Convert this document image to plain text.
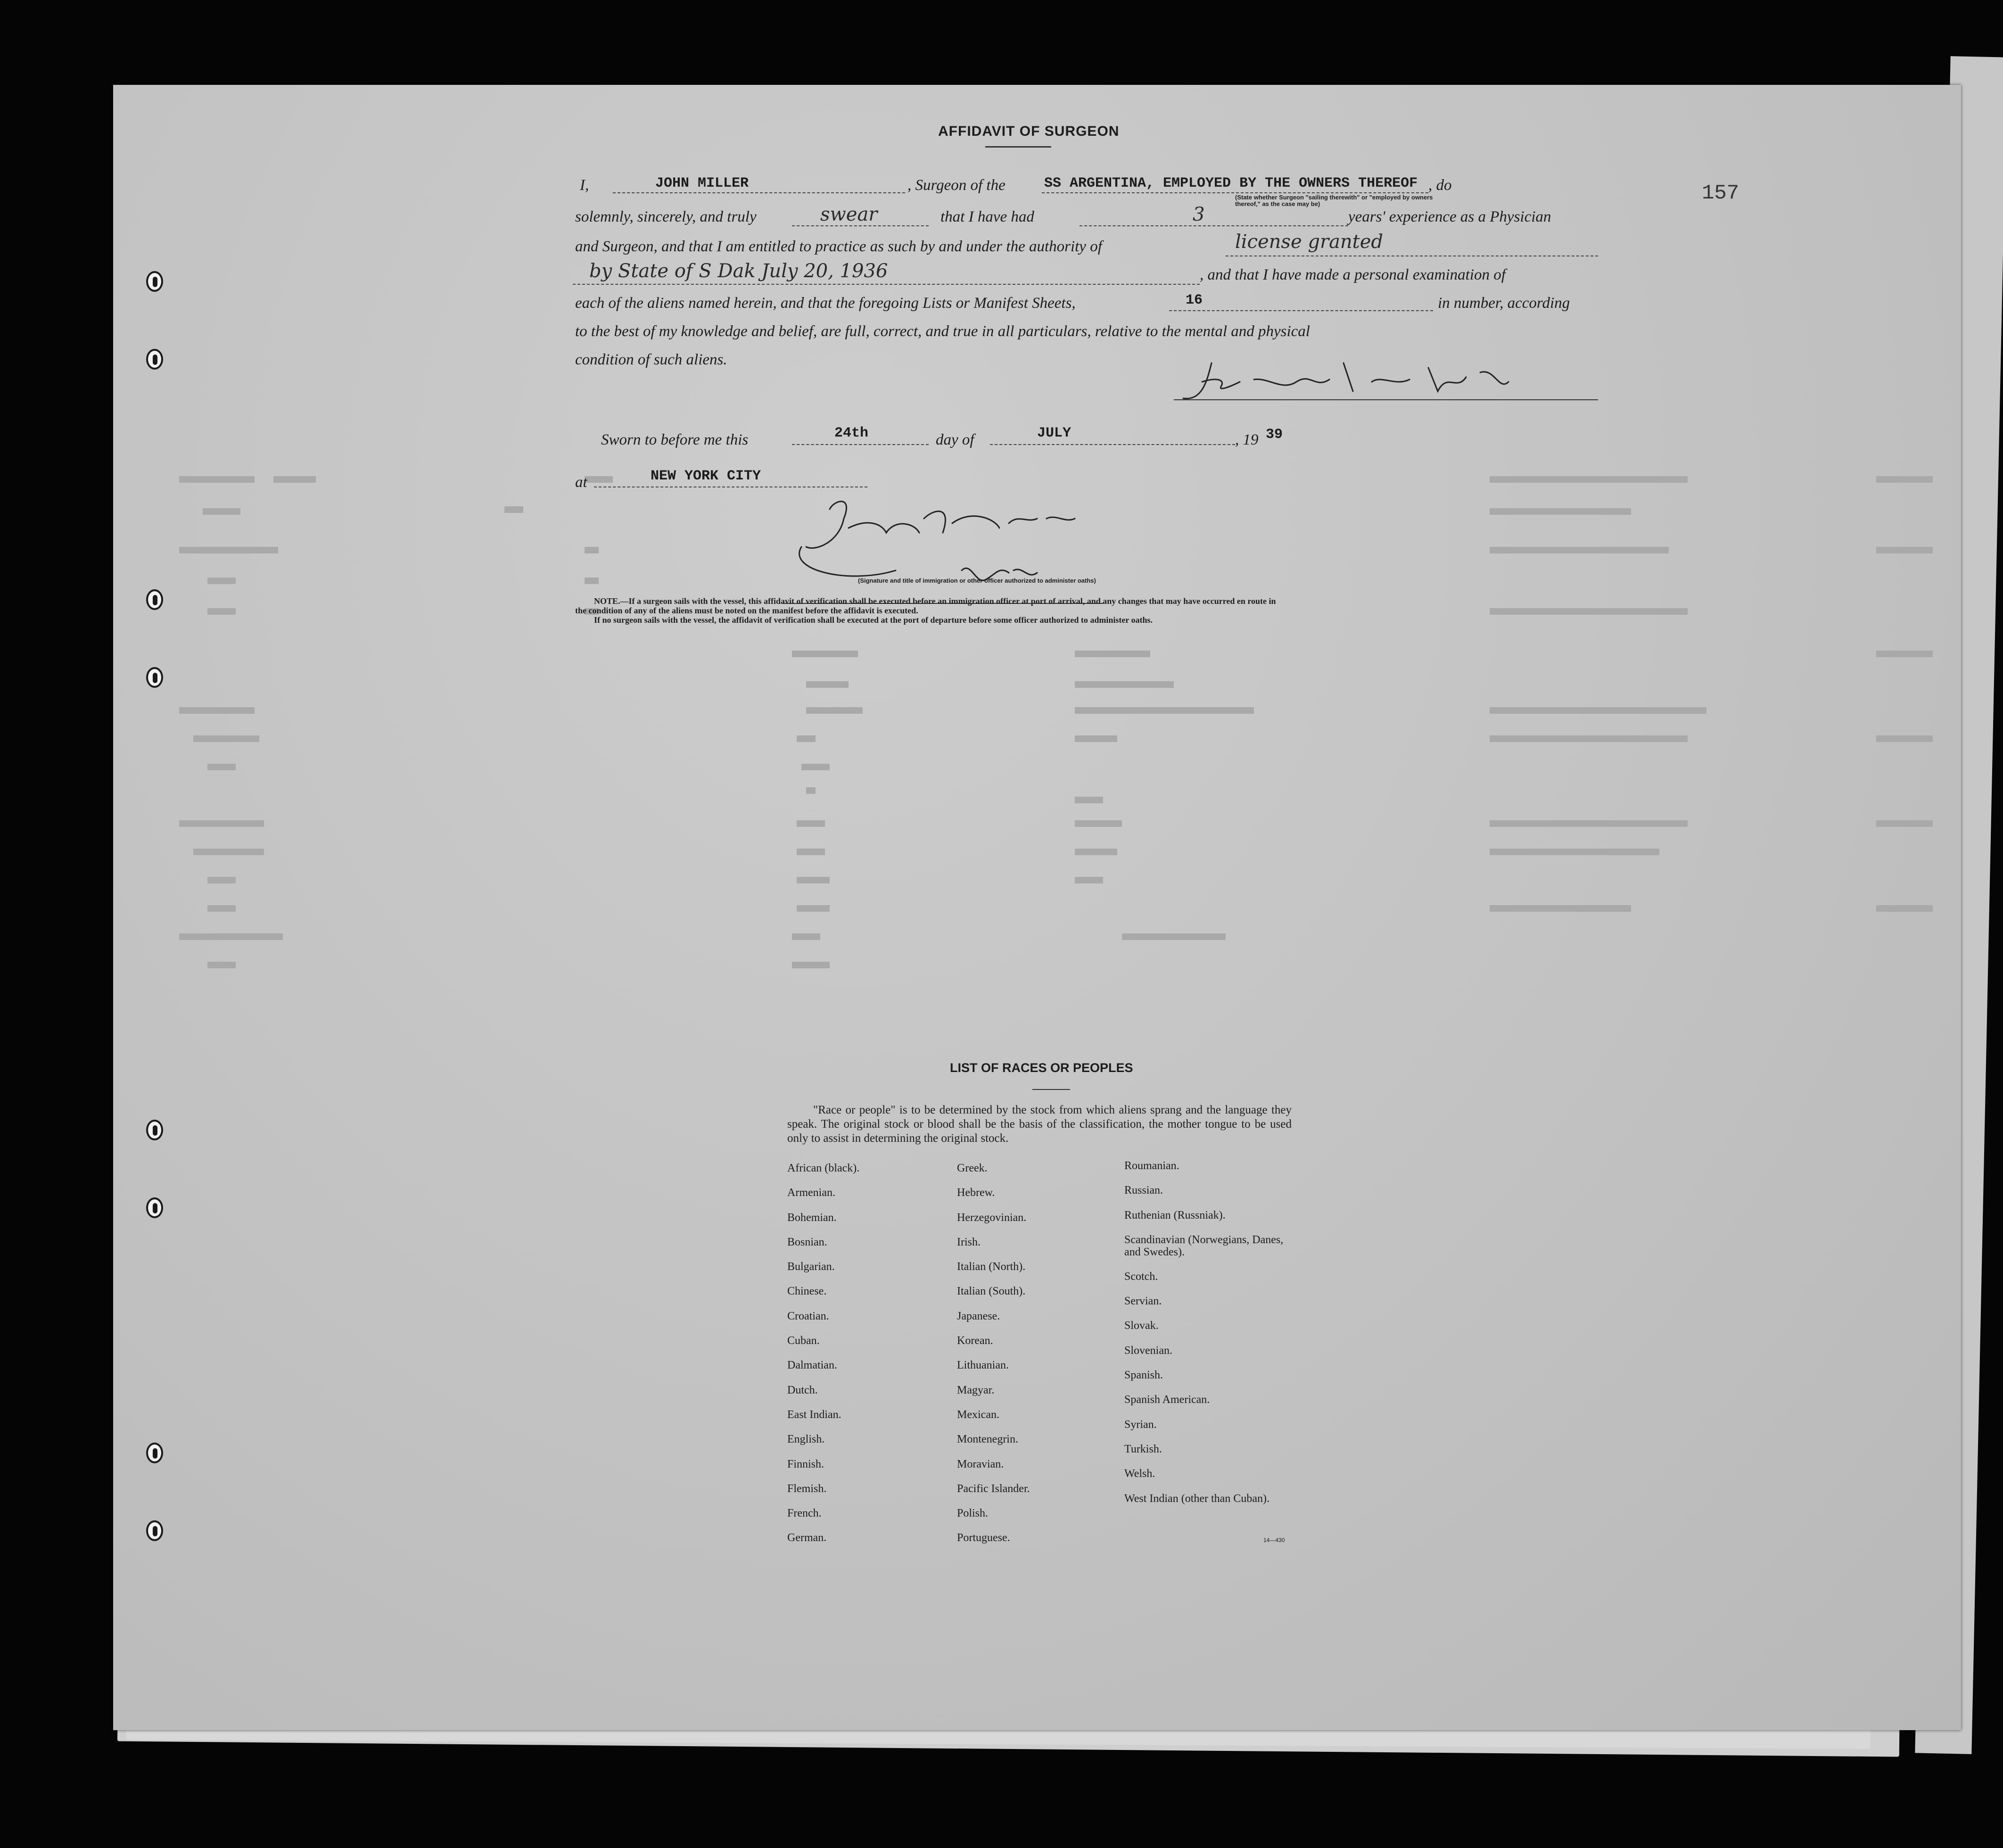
157
AFFIDAVIT OF SURGEON
I,	JOHN MILLER	, Surgeon of the	SS ARGENTINA, EMPLOYED BY THE OWNERS THEREOF , do
(State whether Surgeon "sailing therewith" or "employed by owners thereof," as the case may be)
solemnly, sincerely, and truly	swear	that I have had	3	years' experience as a Physician
and Surgeon, and that I am entitled to practice as such by and under the authority of	license granted
by State of S Dak July 20, 1936	, and that I have made a personal examination of
each of the aliens named herein, and that the foregoing Lists or Manifest Sheets,	16	in number, according
to the best of my knowledge and belief, are full, correct, and true in all particulars, relative to the mental and physical
condition of such aliens.
Sworn to before me this	24th	day of	JULY	, 19 39
at	NEW YORK CITY
(Signature and title of immigration or other officer authorized to administer oaths)
NOTE.—If a surgeon sails with the vessel, this affidavit of verification shall be executed before an immigration officer at port of arrival, and any changes that may have occurred en route in
the condition of any of the aliens must be noted on the manifest before the affidavit is executed.
If no surgeon sails with the vessel, the affidavit of verification shall be executed at the port of departure before some officer authorized to administer oaths.
LIST OF RACES OR PEOPLES
"Race or people" is to be determined by the stock from which aliens sprang and the language they speak. The original stock or blood shall be the basis of the classification, the mother tongue to be used only to assist in determining the original stock.
African (black).
Armenian.
Bohemian.
Bosnian.
Bulgarian.
Chinese.
Croatian.
Cuban.
Dalmatian.
Dutch.
East Indian.
English.
Finnish.
Flemish.
French.
German.
Greek.
Hebrew.
Herzegovinian.
Irish.
Italian (North).
Italian (South).
Japanese.
Korean.
Lithuanian.
Magyar.
Mexican.
Montenegrin.
Moravian.
Pacific Islander.
Polish.
Portuguese.
Roumanian.
Russian.
Ruthenian (Russniak).
Scandinavian (Norwegians, Danes, and Swedes).
Scotch.
Servian.
Slovak.
Slovenian.
Spanish.
Spanish American.
Syrian.
Turkish.
Welsh.
West Indian (other than Cuban).
14—430
